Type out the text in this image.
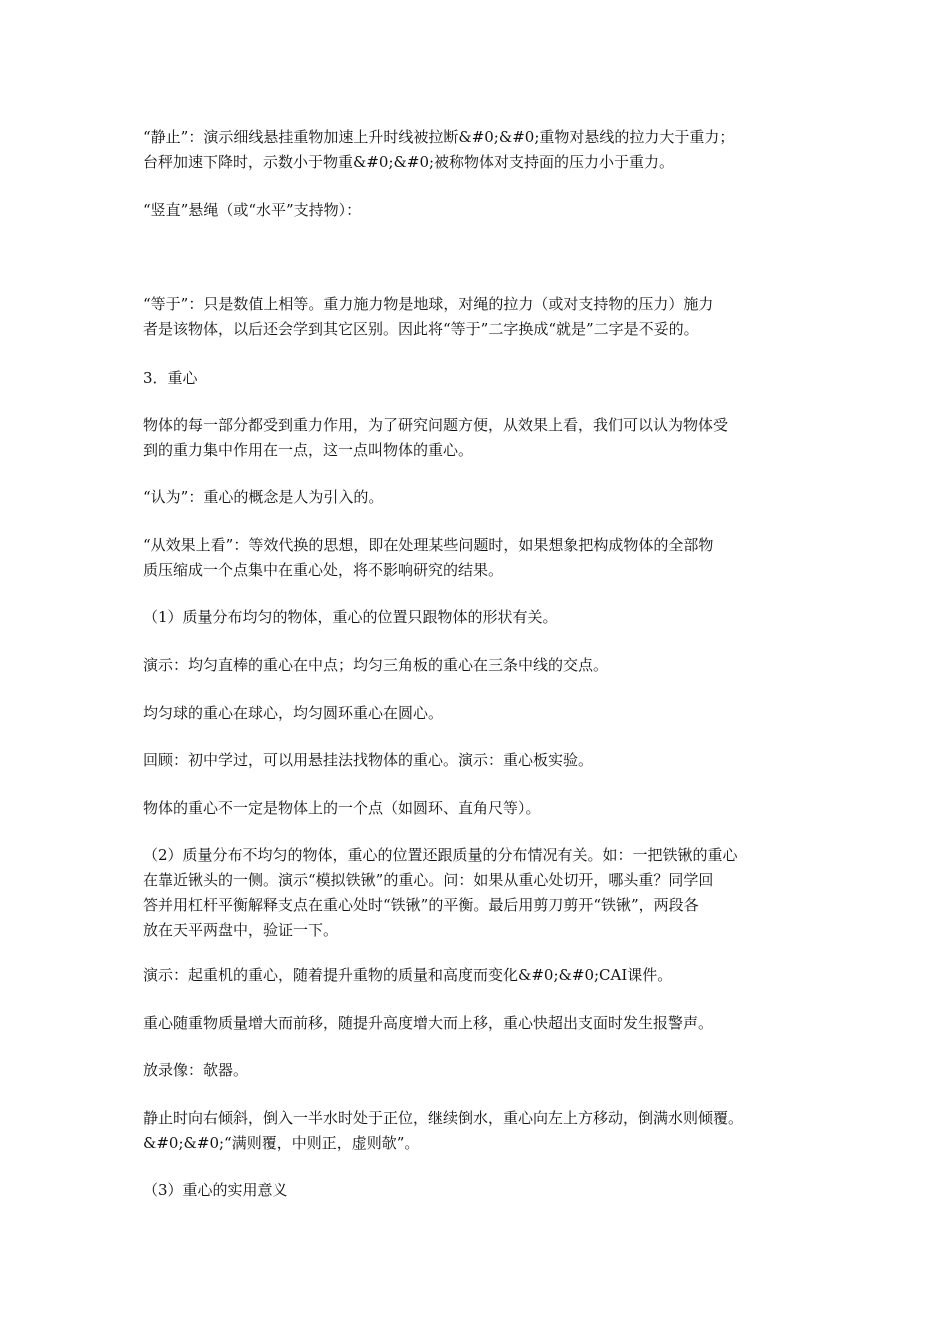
“静止”：演示细线悬挂重物加速上升时线被拉断&#0;&#0;重物对悬线的拉力大于重力；
台秤加速下降时，示数小于物重&#0;&#0;被称物体对支持面的压力小于重力。

“竖直”悬绳（或“水平”支持物）：

“等于”：只是数值上相等。重力施力物是地球，对绳的拉力（或对支持物的压力）施力
者是该物体，以后还会学到其它区别。因此将“等于”二字换成“就是”二字是不妥的。

3．重心

物体的每一部分都受到重力作用，为了研究问题方便，从效果上看，我们可以认为物体受
到的重力集中作用在一点，这一点叫物体的重心。

“认为”：重心的概念是人为引入的。

“从效果上看”：等效代换的思想，即在处理某些问题时，如果想象把构成物体的全部物
质压缩成一个点集中在重心处，将不影响研究的结果。

（1）质量分布均匀的物体，重心的位置只跟物体的形状有关。

演示：均匀直棒的重心在中点；均匀三角板的重心在三条中线的交点。

均匀球的重心在球心，均匀圆环重心在圆心。

回顾：初中学过，可以用悬挂法找物体的重心。演示：重心板实验。

物体的重心不一定是物体上的一个点（如圆环、直角尺等）。

（2）质量分布不均匀的物体，重心的位置还跟质量的分布情况有关。如：一把铁锹的重心
在靠近锹头的一侧。演示“模拟铁锹”的重心。问：如果从重心处切开，哪头重？同学回
答并用杠杆平衡解释支点在重心处时“铁锹”的平衡。最后用剪刀剪开“铁锹”，两段各
放在天平两盘中，验证一下。

演示：起重机的重心，随着提升重物的质量和高度而变化&#0;&#0;CAI课件。

重心随重物质量增大而前移，随提升高度增大而上移，重心快超出支面时发生报警声。

放录像：欹器。

静止时向右倾斜，倒入一半水时处于正位，继续倒水，重心向左上方移动，倒满水则倾覆。
&#0;&#0;“满则覆，中则正，虚则欹”。

（3）重心的实用意义
